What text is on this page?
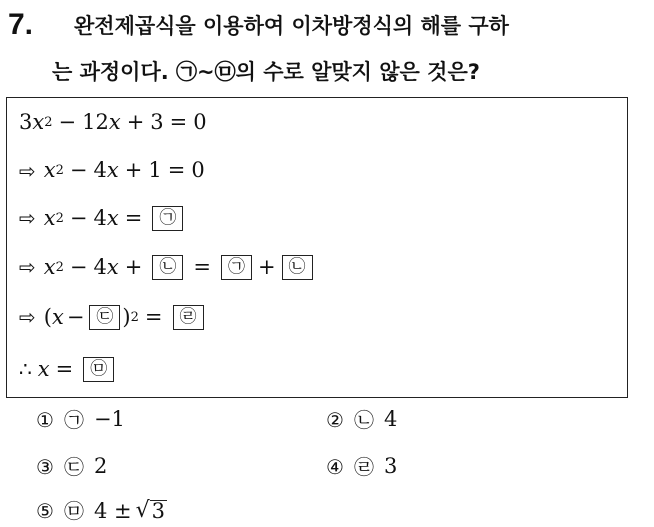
7. 완전제곱식을 이용하여 이차방정식의 해를 구하
는 과정이다. ㉠~㉤의 수로 알맞지 않은 것은?
3 x 2 − 12 x + 3 = 0
⇨ x 2 − 4 x + 1 = 0
⇨ x 2 − 4 x =	㉠
⇨ x 2 − 4 x +	㉡ =	㉠ + ㉡
⇨ ( x − ㉢ ) 2 =	㉣
∴ x =	㉤
① ㉠ −1	② ㉡ 4
③ ㉢ 2	④ ㉣ 3
⑤ ㉤ 4 ± √ 3
